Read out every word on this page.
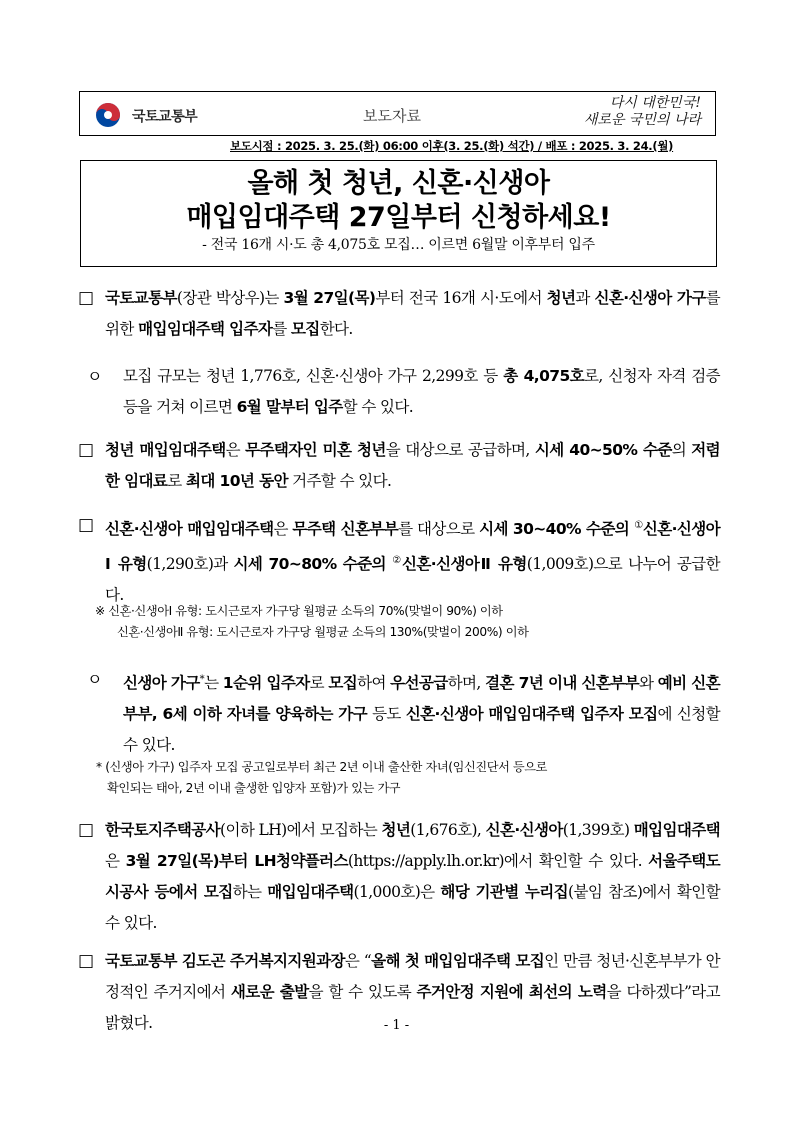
국토교통부	보도자료
다시 대한민국!
새로운 국민의 나라
보도시점 : 2025. 3. 25.(화) 06:00 이후(3. 25.(화) 석간) / 배포 : 2025. 3. 24.(월)
올해 첫 청년, 신혼·신생아
매입임대주택 27일부터 신청하세요!
- 전국 16개 시·도 총 4,075호 모집… 이르면 6월말 이후부터 입주
□ 국토교통부(장관 박상우)는 3월 27일(목)부터 전국 16개 시·도에서 청년과 신혼·신생아 가구를 위한 매입임대주택 입주자를 모집한다.
ㅇ	모집 규모는 청년 1,776호, 신혼·신생아 가구 2,299호 등 총 4,075호로, 신청자 자격 검증 등을 거쳐 이르면 6월 말부터 입주할 수 있다.
□ 청년 매입임대주택은 무주택자인 미혼 청년을 대상으로 공급하며, 시세 40~50% 수준의 저렴한 임대료로 최대 10년 동안 거주할 수 있다.
□ 신혼·신생아 매입임대주택은 무주택 신혼부부를 대상으로 시세 30~40% 수준의 ①신혼·신생아Ⅰ 유형(1,290호)과 시세 70~80% 수준의 ②신혼·신생아Ⅱ 유형(1,009호)으로 나누어 공급한다.
※ 신혼·신생아Ⅰ 유형: 도시근로자 가구당 월평균 소득의 70%(맞벌이 90%) 이하
신혼·신생아Ⅱ 유형: 도시근로자 가구당 월평균 소득의 130%(맞벌이 200%) 이하
ㅇ	신생아 가구*는 1순위 입주자로 모집하여 우선공급하며, 결혼 7년 이내 신혼부부와 예비 신혼부부, 6세 이하 자녀를 양육하는 가구 등도 신혼·신생아 매입임대주택 입주자 모집에 신청할 수 있다.
* (신생아 가구) 입주자 모집 공고일로부터 최근 2년 이내 출산한 자녀(임신진단서 등으로
확인되는 태아, 2년 이내 출생한 입양자 포함)가 있는 가구
□ 한국토지주택공사(이하 LH)에서 모집하는 청년(1,676호), 신혼·신생아(1,399호) 매입임대주택은 3월 27일(목)부터 LH청약플러스(https://apply.lh.or.kr)에서 확인할 수 있다. 서울주택도시공사 등에서 모집하는 매입임대주택(1,000호)은 해당 기관별 누리집(붙임 참조)에서 확인할 수 있다.
□ 국토교통부 김도곤 주거복지지원과장은 “올해 첫 매입임대주택 모집인 만큼 청년·신혼부부가 안정적인 주거지에서 새로운 출발을 할 수 있도록 주거안정 지원에 최선의 노력을 다하겠다”라고 밝혔다.	- 1 -
